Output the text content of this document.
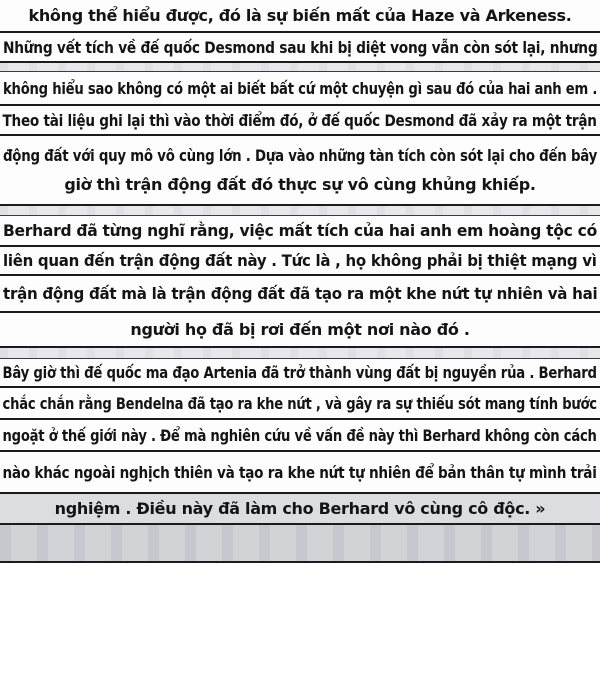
không thể hiểu được, đó là sự biến mất của Haze và Arkeness.
Những vết tích về đế quốc Desmond sau khi bị diệt vong vẫn còn sót lại, nhưng
không hiểu sao không có một ai biết bất cứ một chuyện gì sau đó của hai anh em .
Theo tài liệu ghi lại thì vào thời điểm đó, ở đế quốc Desmond đã xảy ra một trận
động đất với quy mô vô cùng lớn . Dựa vào những tàn tích còn sót lại cho đến bây
giờ thì trận động đất đó thực sự vô cùng khủng khiếp.
Berhard đã từng nghĩ rằng, việc mất tích của hai anh em hoàng tộc có
liên quan đến trận động đất này . Tức là , họ không phải bị thiệt mạng vì
trận động đất mà là trận động đất đã tạo ra một khe nứt tự nhiên và hai
người họ đã bị rơi đến một nơi nào đó .
Bây giờ thì đế quốc ma đạo Artenia đã trở thành vùng đất bị nguyền rủa . Berhard
chắc chắn rằng Bendelna đã tạo ra khe nứt , và gây ra sự thiếu sót mang tính bước
ngoặt ở thế giới này . Để mà nghiên cứu về vấn đề này thì Berhard không còn cách
nào khác ngoài nghịch thiên và tạo ra khe nứt tự nhiên để bản thân tự mình trải
nghiệm . Điều này đã làm cho Berhard vô cùng cô độc. »
